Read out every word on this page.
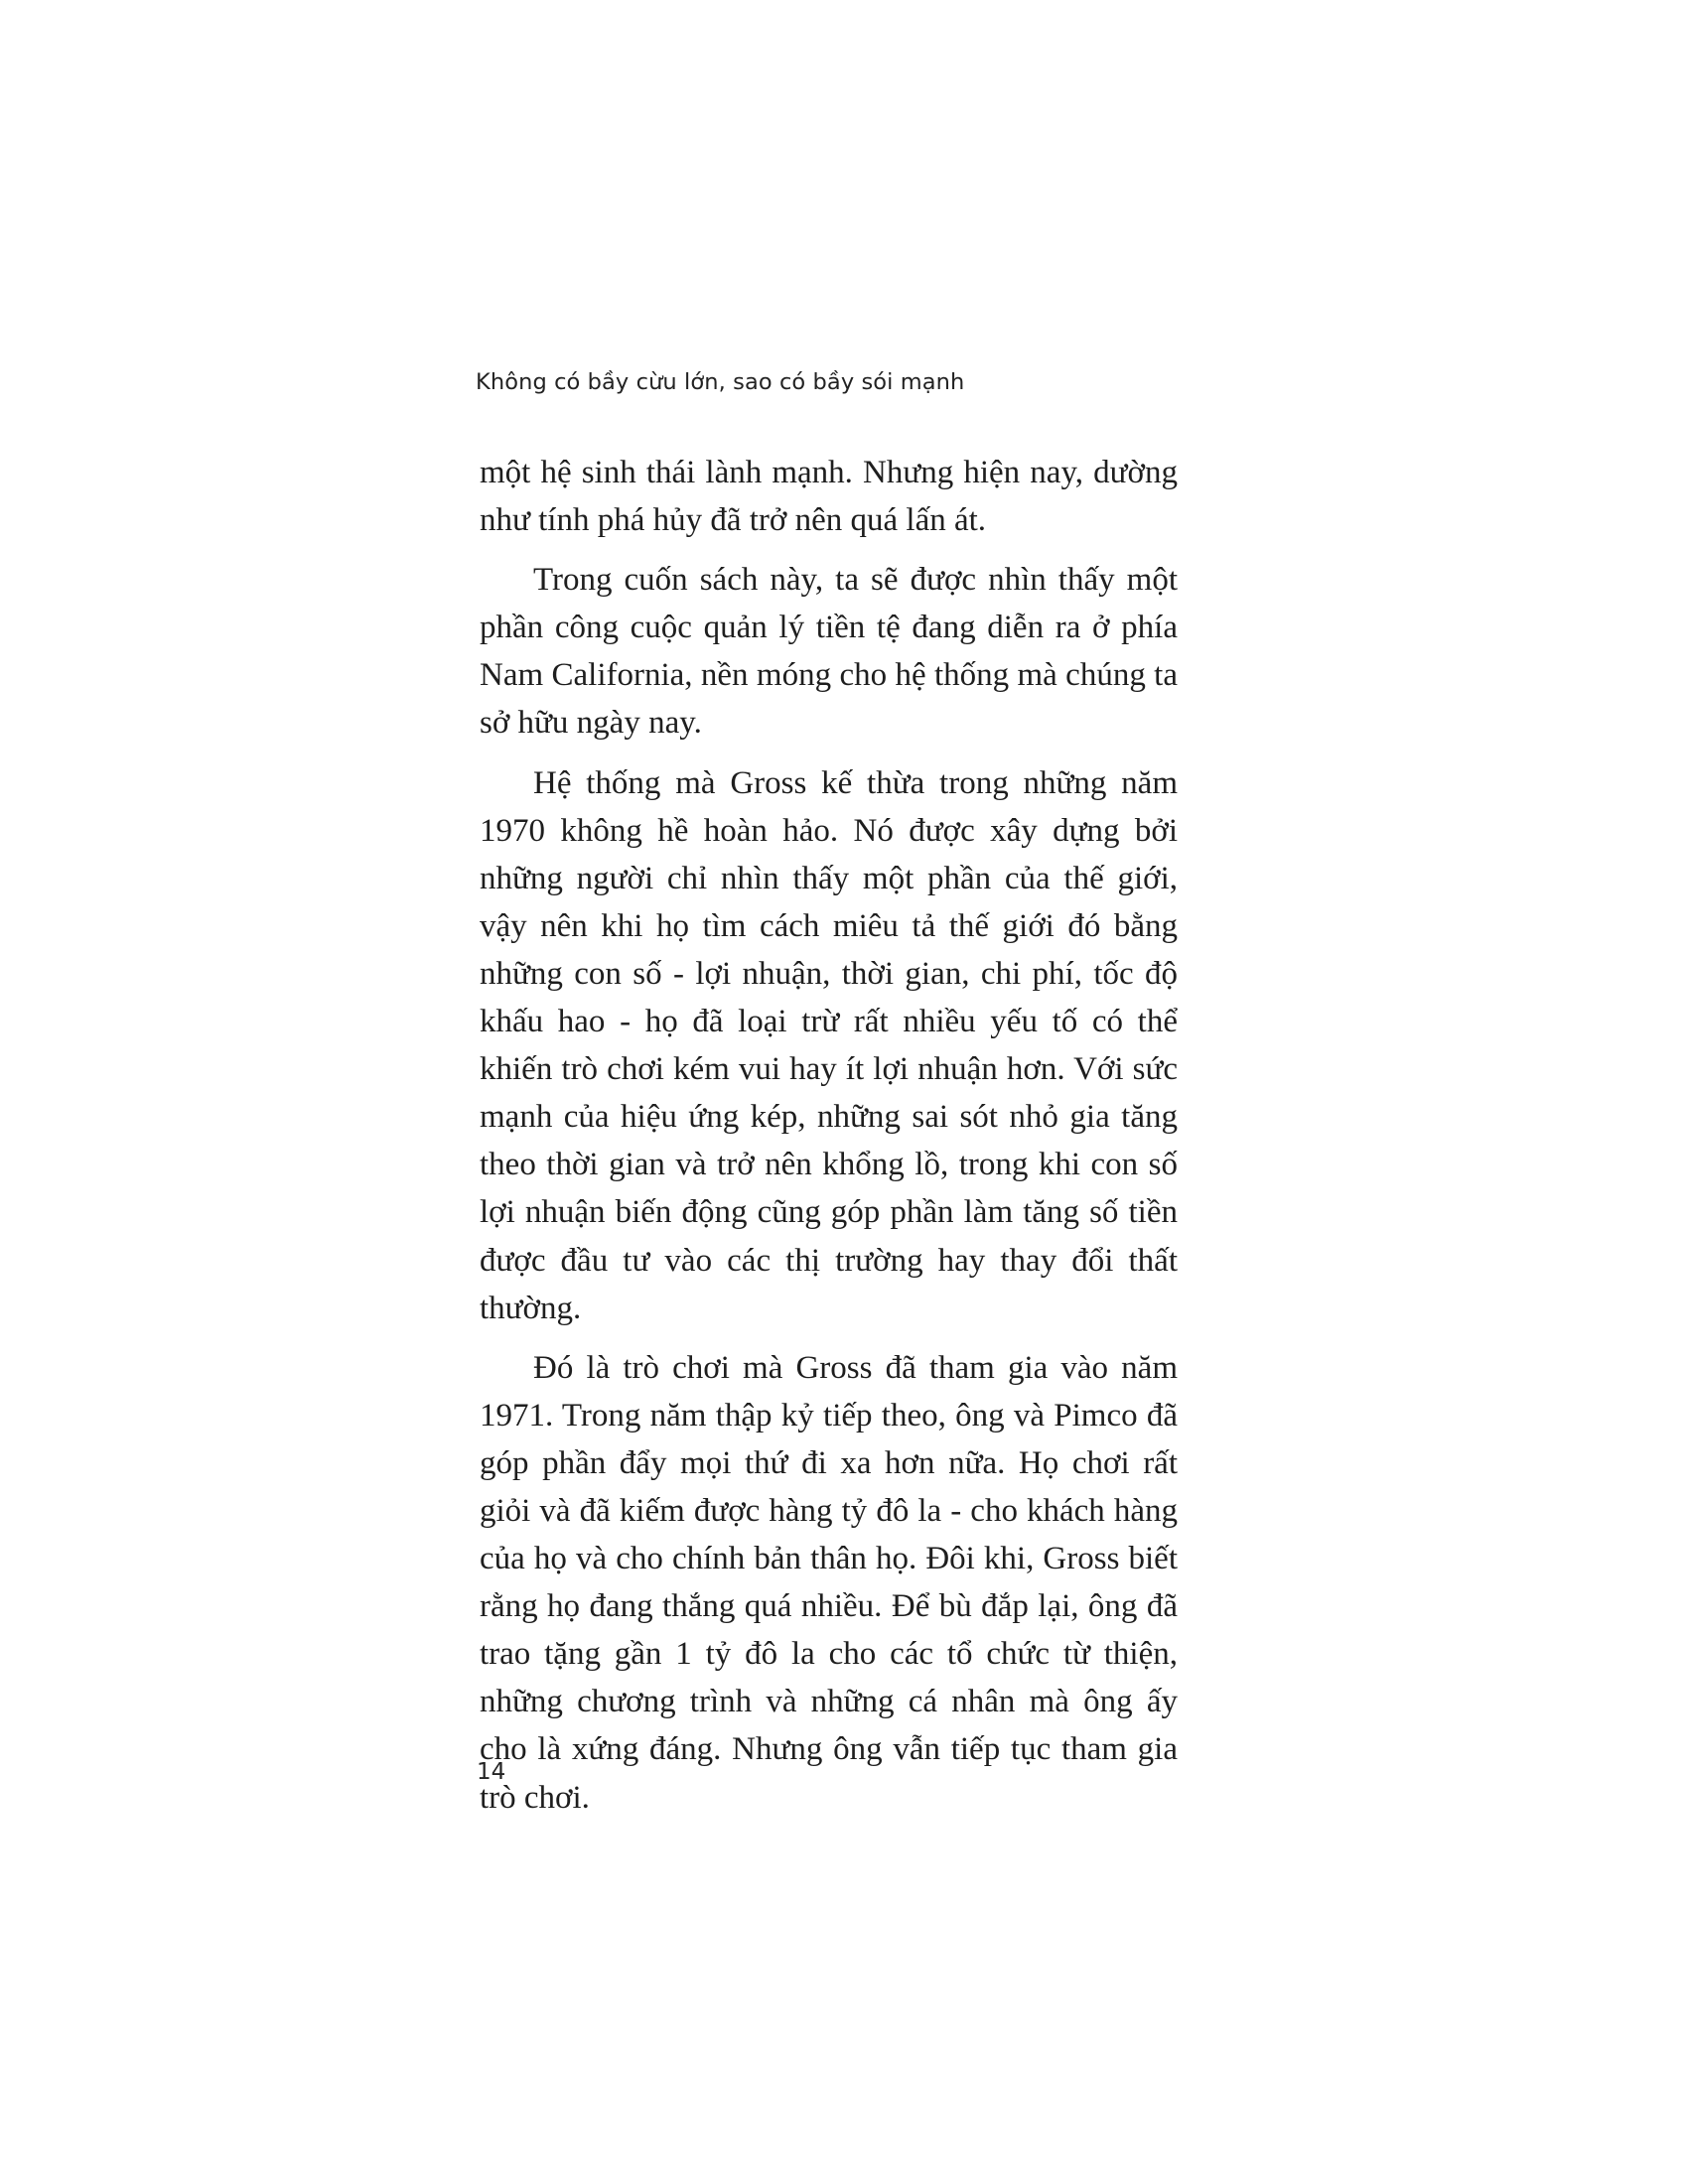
Không có bầy cừu lớn, sao có bầy sói mạnh

một hệ sinh thái lành mạnh. Nhưng hiện nay, dường như tính phá hủy đã trở nên quá lấn át.

Trong cuốn sách này, ta sẽ được nhìn thấy một phần công cuộc quản lý tiền tệ đang diễn ra ở phía Nam California, nền móng cho hệ thống mà chúng ta sở hữu ngày nay.

Hệ thống mà Gross kế thừa trong những năm 1970 không hề hoàn hảo. Nó được xây dựng bởi những người chỉ nhìn thấy một phần của thế giới, vậy nên khi họ tìm cách miêu tả thế giới đó bằng những con số - lợi nhuận, thời gian, chi phí, tốc độ khấu hao - họ đã loại trừ rất nhiều yếu tố có thể khiến trò chơi kém vui hay ít lợi nhuận hơn. Với sức mạnh của hiệu ứng kép, những sai sót nhỏ gia tăng theo thời gian và trở nên khổng lồ, trong khi con số lợi nhuận biến động cũng góp phần làm tăng số tiền được đầu tư vào các thị trường hay thay đổi thất thường.

Đó là trò chơi mà Gross đã tham gia vào năm 1971. Trong năm thập kỷ tiếp theo, ông và Pimco đã góp phần đẩy mọi thứ đi xa hơn nữa. Họ chơi rất giỏi và đã kiếm được hàng tỷ đô la - cho khách hàng của họ và cho chính bản thân họ. Đôi khi, Gross biết rằng họ đang thắng quá nhiều. Để bù đắp lại, ông đã trao tặng gần 1 tỷ đô la cho các tổ chức từ thiện, những chương trình và những cá nhân mà ông ấy cho là xứng đáng. Nhưng ông vẫn tiếp tục tham gia trò chơi.

14
